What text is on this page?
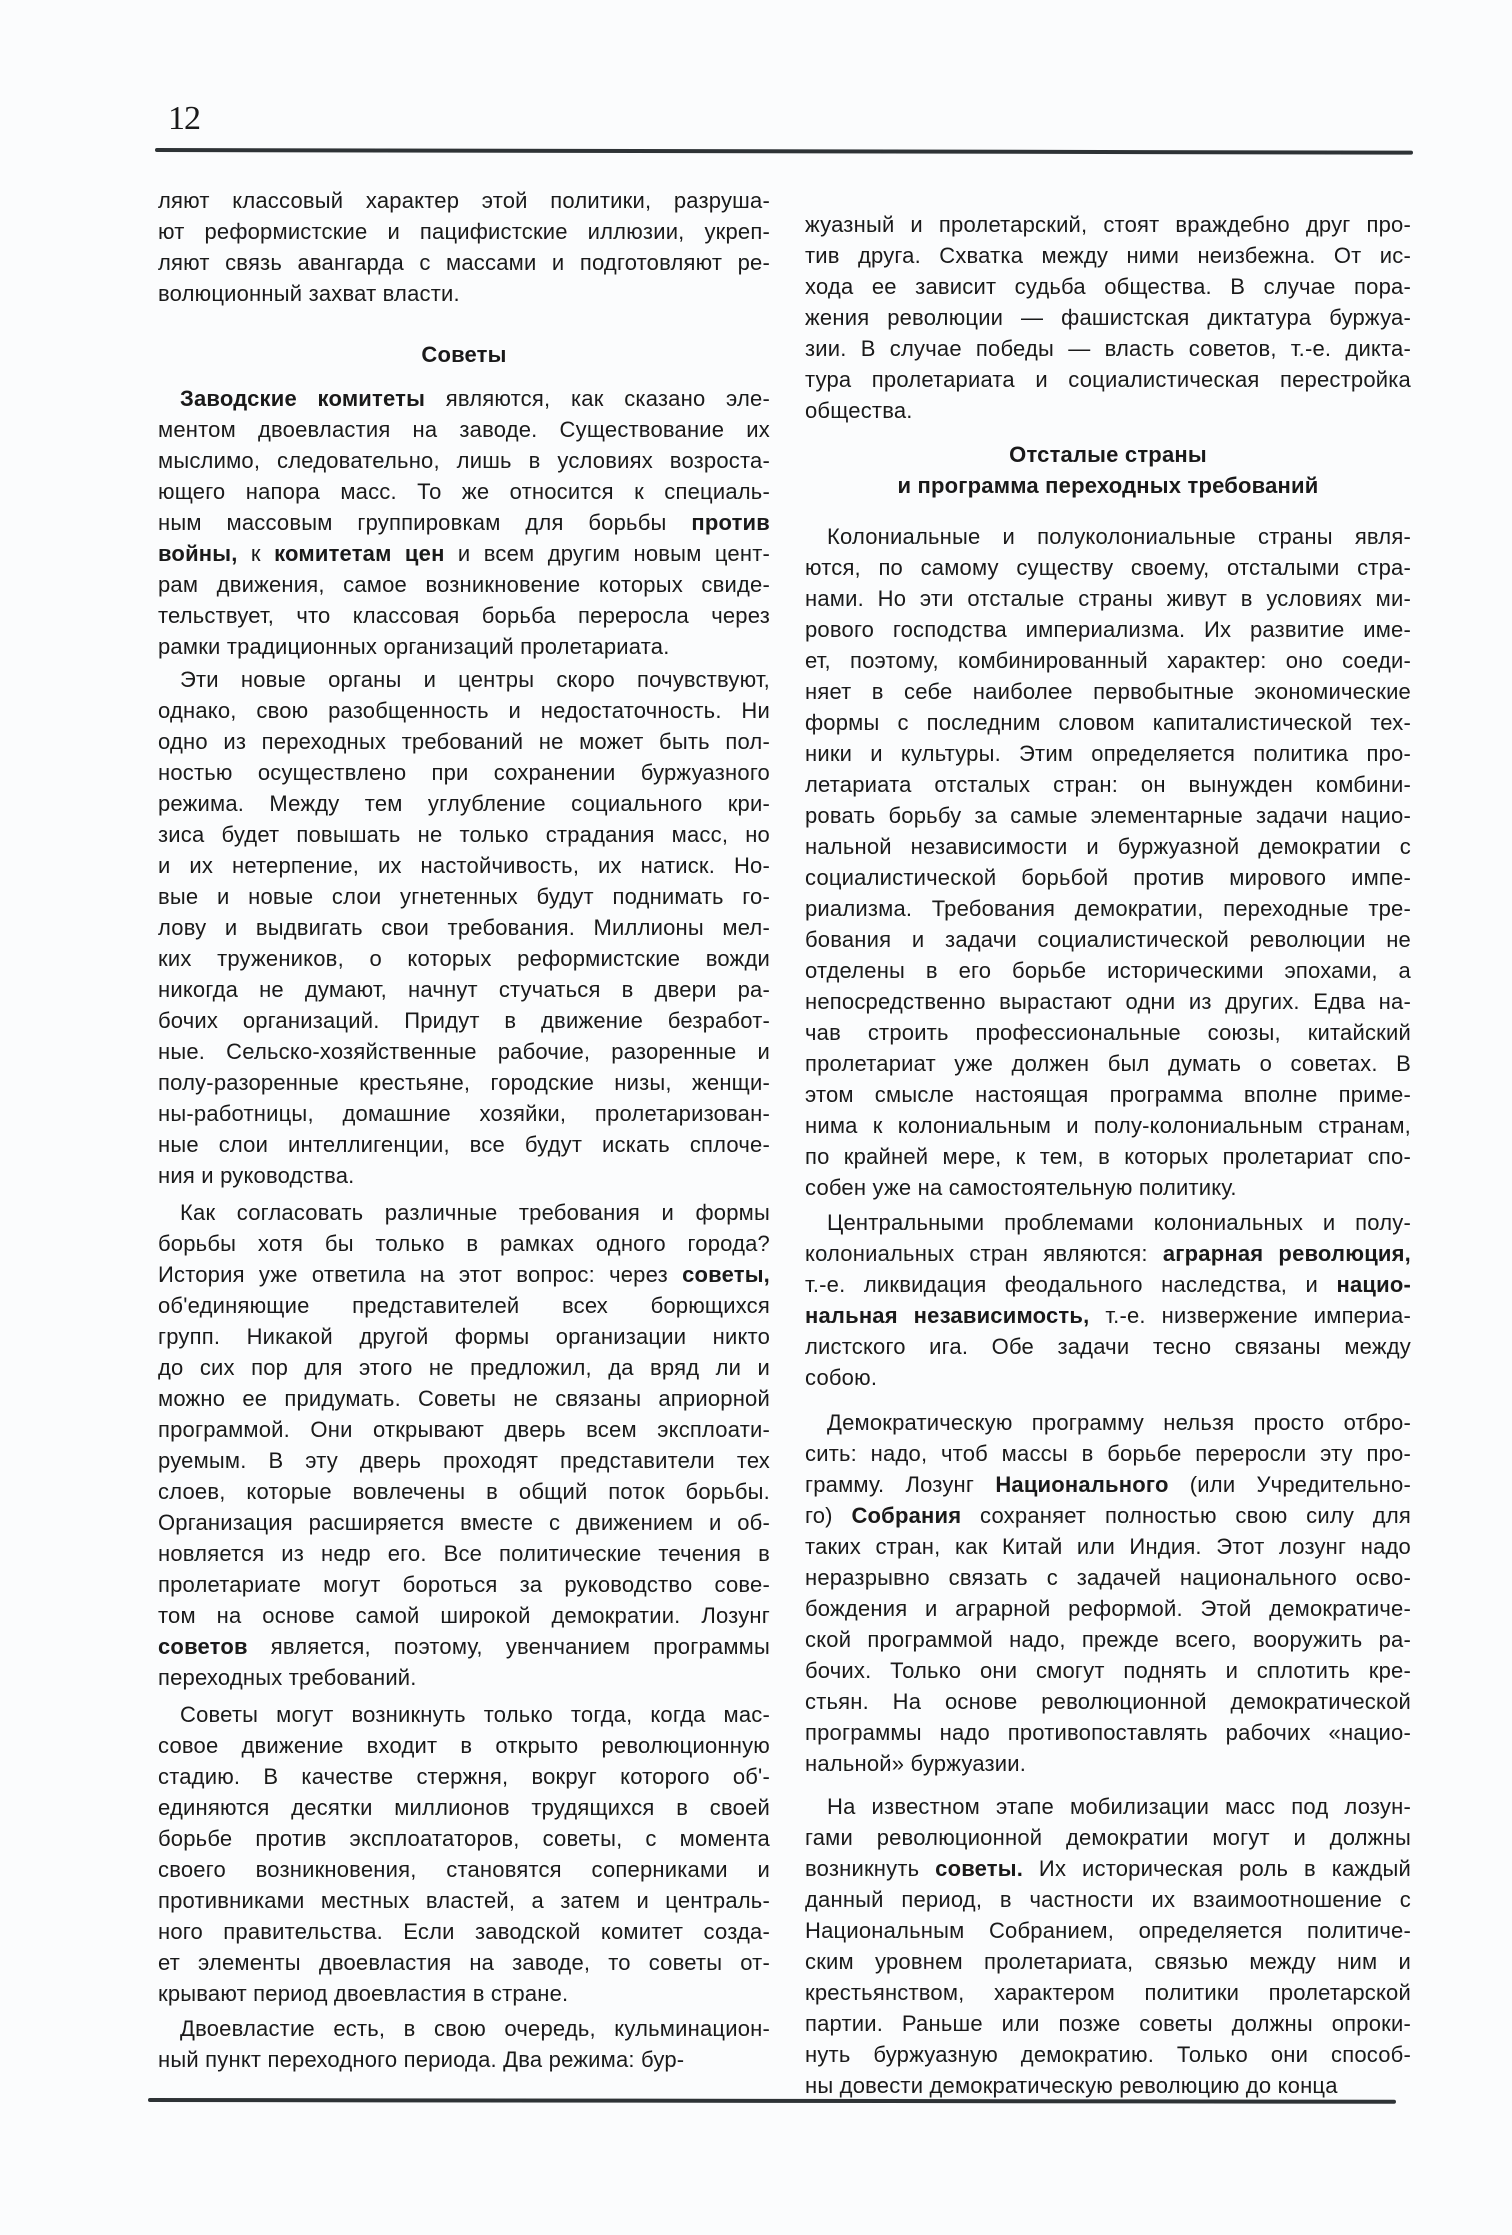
12
ляют классовый характер этой политики, разруша-
ют реформистские и пацифистские иллюзии, укреп-
ляют связь авангарда с массами и подготовляют ре-
волюционный захват власти.
Советы
Заводские комитеты являются, как сказано эле-
ментом двоевластия на заводе. Существование их
мыслимо, следовательно, лишь в условиях возроста-
ющего напора масс. То же относится к специаль-
ным массовым группировкам для борьбы против
войны, к комитетам цен и всем другим новым цент-
рам движения, самое возникновение которых свиде-
тельствует, что классовая борьба переросла через
рамки традиционных организаций пролетариата.
Эти новые органы и центры скоро почувствуют,
однако, свою разобщенность и недостаточность. Ни
одно из переходных требований не может быть пол-
ностью осуществлено при сохранении буржуазного
режима. Между тем углубление социального кри-
зиса будет повышать не только страдания масс, но
и их нетерпение, их настойчивость, их натиск. Но-
вые и новые слои угнетенных будут поднимать го-
лову и выдвигать свои требования. Миллионы мел-
ких тружеников, о которых реформистские вожди
никогда не думают, начнут стучаться в двери ра-
бочих организаций. Придут в движение безработ-
ные. Сельско-хозяйственные рабочие, разоренные и
полу-разоренные крестьяне, городские низы, женщи-
ны-работницы, домашние хозяйки, пролетаризован-
ные слои интеллигенции, все будут искать сплоче-
ния и руководства.
Как согласовать различные требования и формы
борьбы хотя бы только в рамках одного города?
История уже ответила на этот вопрос: через советы,
об'единяющие представителей всех борющихся
групп. Никакой другой формы организации никто
до сих пор для этого не предложил, да вряд ли и
можно ее придумать. Советы не связаны априорной
программой. Они открывают дверь всем эксплоати-
руемым. В эту дверь проходят представители тех
слоев, которые вовлечены в общий поток борьбы.
Организация расширяется вместе с движением и об-
новляется из недр его. Все политические течения в
пролетариате могут бороться за руководство сове-
том на основе самой широкой демократии. Лозунг
советов является, поэтому, увенчанием программы
переходных требований.
Советы могут возникнуть только тогда, когда мас-
совое движение входит в открыто революционную
стадию. В качестве стержня, вокруг которого об'-
единяются десятки миллионов трудящихся в своей
борьбе против эксплоататоров, советы, с момента
своего возникновения, становятся соперниками и
противниками местных властей, а затем и централь-
ного правительства. Если заводской комитет созда-
ет элементы двоевластия на заводе, то советы от-
крывают период двоевластия в стране.
Двоевластие есть, в свою очередь, кульминацион-
ный пункт переходного периода. Два режима: бур-
жуазный и пролетарский, стоят враждебно друг про-
тив друга. Схватка между ними неизбежна. От ис-
хода ее зависит судьба общества. В случае пора-
жения революции — фашистская диктатура буржуа-
зии. В случае победы — власть советов, т.-е. дикта-
тура пролетариата и социалистическая перестройка
общества.
Отсталые страны
и программа переходных требований
Колониальные и полуколониальные страны явля-
ются, по самому существу своему, отсталыми стра-
нами. Но эти отсталые страны живут в условиях ми-
рового господства империализма. Их развитие име-
ет, поэтому, комбинированный характер: оно соеди-
няет в себе наиболее первобытные экономические
формы с последним словом капиталистической тех-
ники и культуры. Этим определяется политика про-
летариата отсталых стран: он вынужден комбини-
ровать борьбу за самые элементарные задачи нацио-
нальной независимости и буржуазной демократии с
социалистической борьбой против мирового импе-
риализма. Требования демократии, переходные тре-
бования и задачи социалистической революции не
отделены в его борьбе историческими эпохами, а
непосредственно вырастают одни из других. Едва на-
чав строить профессиональные союзы, китайский
пролетариат уже должен был думать о советах. В
этом смысле настоящая программа вполне приме-
нима к колониальным и полу-колониальным странам,
по крайней мере, к тем, в которых пролетариат спо-
собен уже на самостоятельную политику.
Центральными проблемами колониальных и полу-
колониальных стран являются: аграрная революция,
т.-е. ликвидация феодального наследства, и нацио-
нальная независимость, т.-е. низвержение империа-
листского ига. Обе задачи тесно связаны между
собою.
Демократическую программу нельзя просто отбро-
сить: надо, чтоб массы в борьбе переросли эту про-
грамму. Лозунг Национального (или Учредительно-
го) Собрания сохраняет полностью свою силу для
таких стран, как Китай или Индия. Этот лозунг надо
неразрывно связать с задачей национального осво-
бождения и аграрной реформой. Этой демократиче-
ской программой надо, прежде всего, вооружить ра-
бочих. Только они смогут поднять и сплотить кре-
стьян. На основе революционной демократической
программы надо противопоставлять рабочих «нацио-
нальной» буржуазии.
На известном этапе мобилизации масс под лозун-
гами революционной демократии могут и должны
возникнуть советы. Их историческая роль в каждый
данный период, в частности их взаимоотношение с
Национальным Собранием, определяется политиче-
ским уровнем пролетариата, связью между ним и
крестьянством, характером политики пролетарской
партии. Раньше или позже советы должны опроки-
нуть буржуазную демократию. Только они способ-
ны довести демократическую революцию до конца
